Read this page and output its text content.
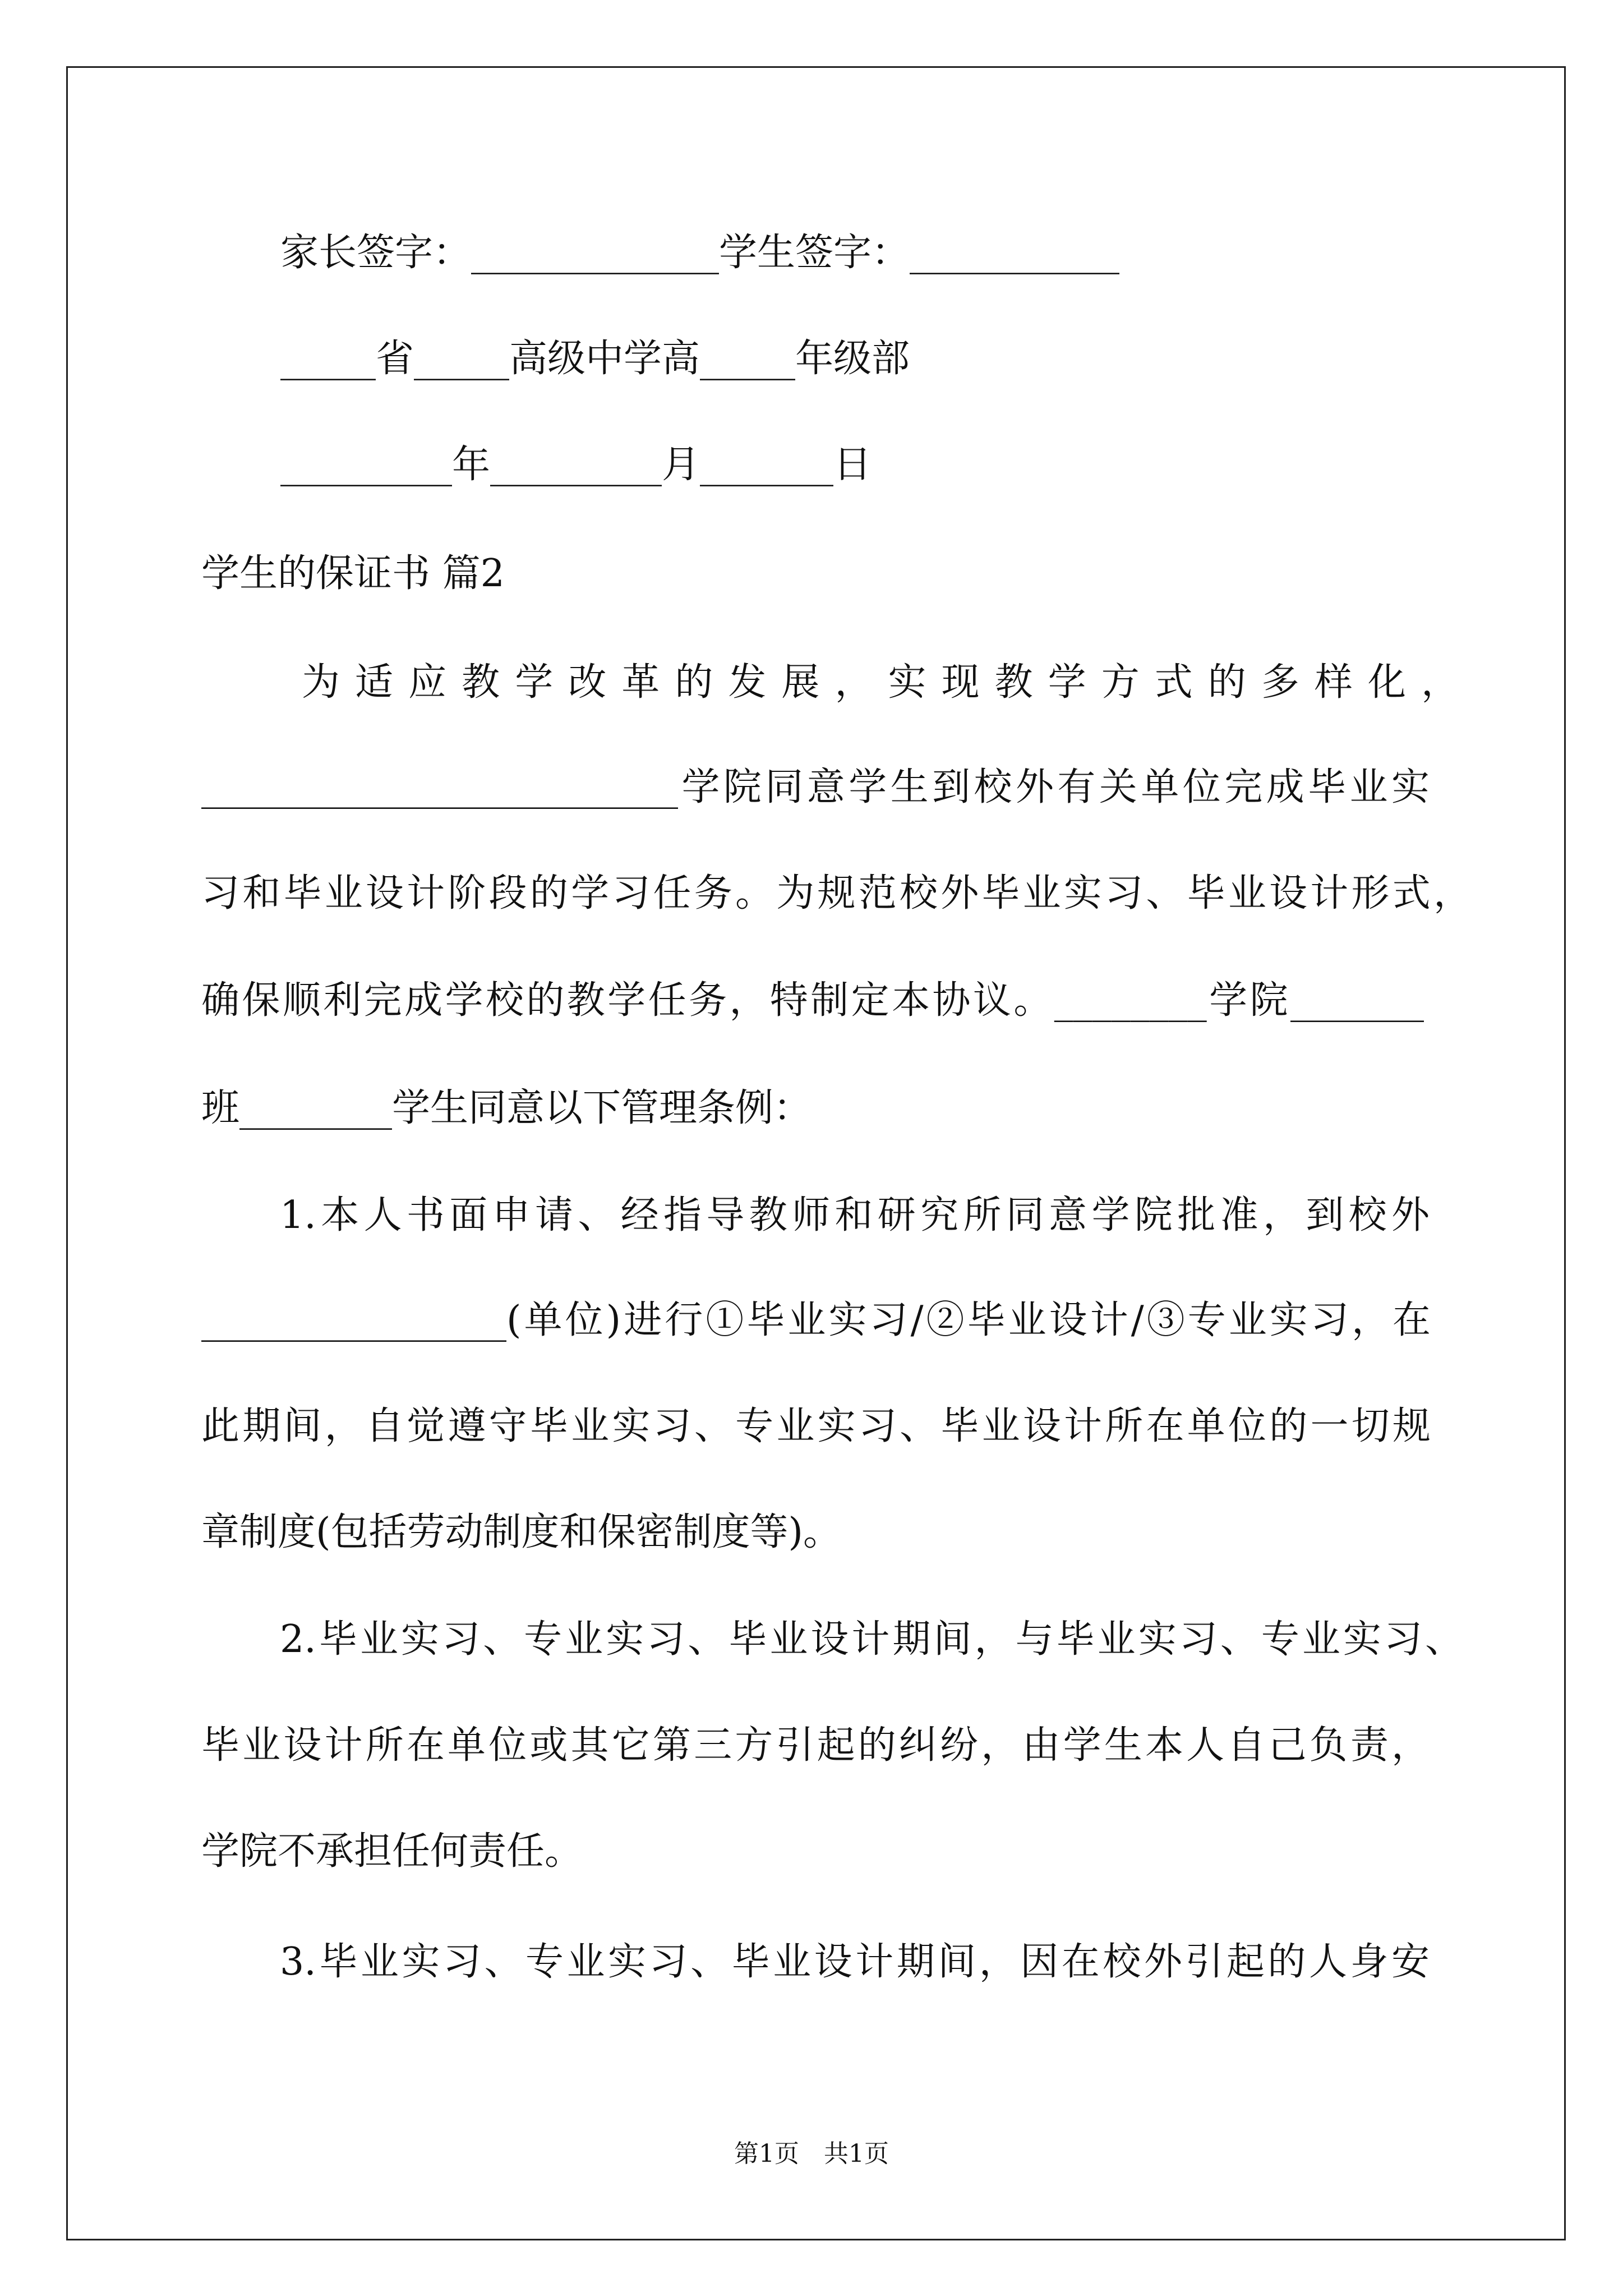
家长签字：_____________学生签字：___________
_____省_____高级中学高_____年级部
_________年_________月_______日
学生的保证书 篇2
为适应教学改革的发展，实现教学方式的多样化，
_________________________学院同意学生到校外有关单位完成毕业实
习和毕业设计阶段的学习任务。为规范校外毕业实习、毕业设计形式，
确保顺利完成学校的教学任务，特制定本协议。________学院_______
班________学生同意以下管理条例：
1.本人书面申请、经指导教师和研究所同意学院批准，到校外
________________(单位)进行①毕业实习/②毕业设计/③专业实习，在
此期间，自觉遵守毕业实习、专业实习、毕业设计所在单位的一切规
章制度(包括劳动制度和保密制度等)。
2.毕业实习、专业实习、毕业设计期间，与毕业实习、专业实习、
毕业设计所在单位或其它第三方引起的纠纷，由学生本人自己负责，
学院不承担任何责任。
3.毕业实习、专业实习、毕业设计期间，因在校外引起的人身安
第1页　共1页
